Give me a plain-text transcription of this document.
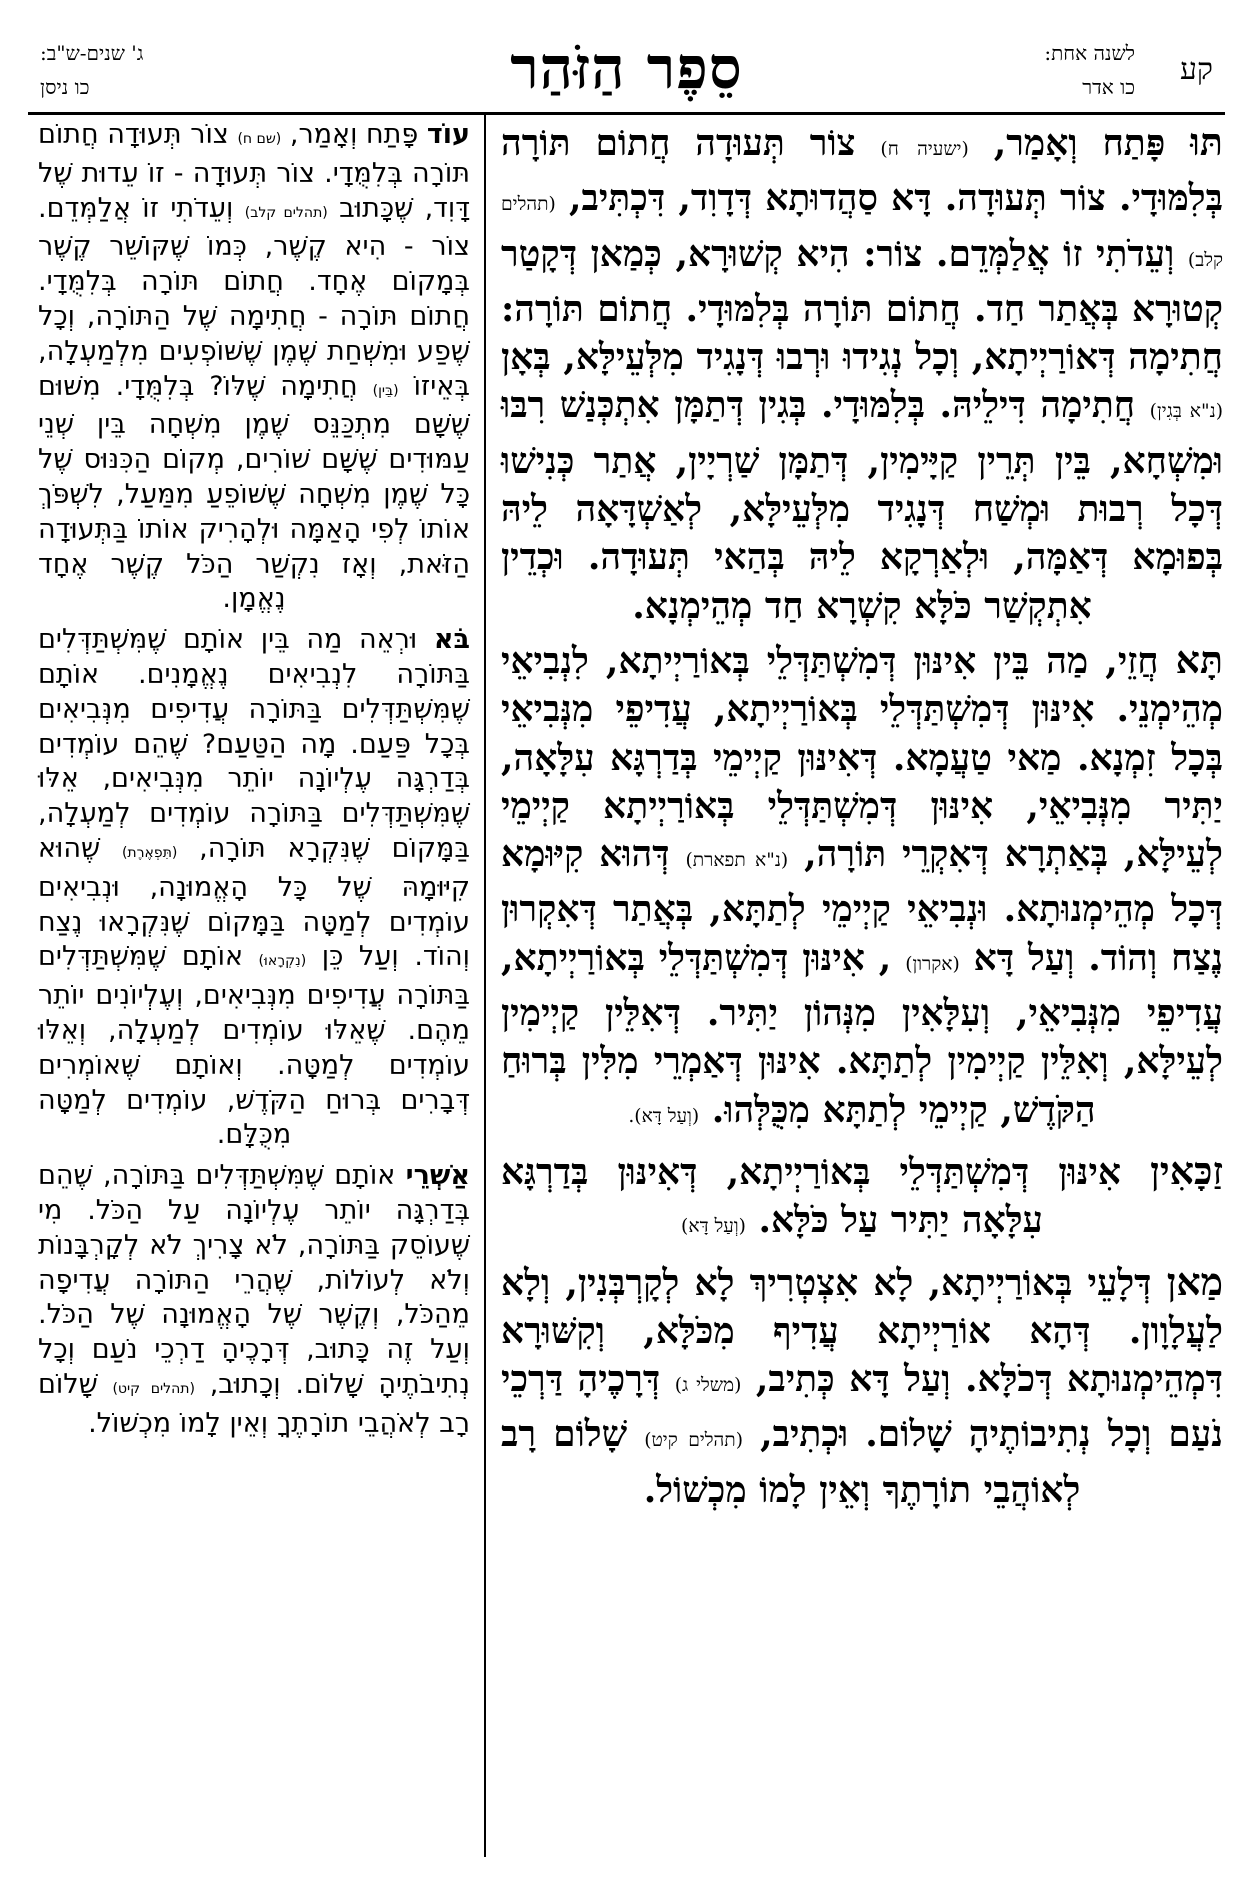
קע
לשנה אחת:
כו אדר
סֵפֶר הַזֹּהַר
ג' שנים-ש"ב:
כו ניסן

תּוּ פָּתַח וְאָמַר, (ישעיה ח) צוֹר תְּעוּדָה חֲתוֹם תּוֹרָה בְּלִמּוּדָי. צוֹר תְּעוּדָה. דָּא סַהֲדוּתָא דְּדָוִד, דִּכְתִּיב, (תהלים קלב) וְעֵדֹתִי זוֹ אֲלַמְּדֵם. צוֹר: הִיא קְשׁוּרָא, כְּמַאן דְּקָטַר קְטוּרָא בְּאֲתַר חַד. חֲתוֹם תּוֹרָה בְּלִמּוּדָי. חֲתוֹם תּוֹרָה: חֲתִימָה דְּאוֹרַיְיתָא, וְכָל נְגִידוּ וּרְבוּ דְּנָגִיד מִלְּעֵילָּא, בְּאָן (נ"א בְּגִין) חֲתִימָה דִּילֵיהּ. בְּלִמּוּדָי. בְּגִין דְּתַמָּן אִתְכְּנַשׁ רִבּוּ וּמִשְׁחָא, בֵּין תְּרֵין קַיָּימִין, דְּתַמָּן שַׁרְיָין, אֲתַר כְּנִישׁוּ דְּכָל רְבוּת וּמְשַׁח דְּנָגִיד מִלְּעֵילָּא, לְאַשְׁדָּאָה לֵיהּ בְּפוּמָא דְּאַמָּה, וּלְאַרְקָא לֵיהּ בְּהַאי תְּעוּדָה. וּכְדֵין אִתְקְשַׁר כֹּלָּא קִשְׁרָא חַד מְהֵימְנָא.

תָּא חֲזֵי, מַה בֵּין אִינּוּן דְּמִשְׁתַּדְּלֵי בְּאוֹרַיְיתָא, לִנְבִיאֵי מְהֵימְנֵי. אִינּוּן דְּמִשְׁתַּדְּלֵי בְּאוֹרַיְיתָא, עֲדִיפֵי מִנְּבִיאֵי בְּכָל זִמְנָא. מַאי טַעֲמָא. דְּאִינּוּן קַיְימֵי בְּדַרְגָּא עִלָּאָה, יַתִּיר מִנְּבִיאֵי, אִינּוּן דְּמִשְׁתַּדְּלֵי בְּאוֹרַיְיתָא קַיְימֵי לְעֵילָּא, בְּאַתְרָא דְּאִקְרֵי תּוֹרָה, (נ"א תפארת) דְּהוּא קִיּוּמָא דְּכָל מְהֵימְנוּתָא. וּנְבִיאֵי קַיְימֵי לְתַתָּא, בְּאֲתַר דְּאִקְרוּן נֶצַח וְהוֹד. וְעַל דָּא (אקרון) , אִינּוּן דְּמִשְׁתַּדְּלֵי בְּאוֹרַיְיתָא, עֲדִיפֵי מִנְּבִיאֵי, וְעִלָּאִין מִנְּהוֹן יַתִּיר. דְּאִלֵּין קַיְימִין לְעֵילָּא, וְאִלֵּין קַיְימִין לְתַתָּא. אִינּוּן דְּאַמְרֵי מִלִּין בְּרוּחַ הַקֹּדֶשׁ, קַיְימֵי לְתַתָּא מִכֻּלְּהוּ. (וְעַל דָּא).

זַכָּאִין אִינּוּן דְּמִשְׁתַּדְּלֵי בְּאוֹרַיְיתָא, דְּאִינּוּן בְּדַרְגָּא עִלָּאָה יַתִּיר עַל כֹּלָּא. (וְעַל דָּא)

מַאן דְּלָעֵי בְּאוֹרַיְיתָא, לָא אִצְטְרִיךְ לָא לְקָרְבְּנִין, וְלָא לַעֲלָוָון. דְּהָא אוֹרַיְיתָא עֲדִיף מִכֹּלָּא, וְקִשּׁוּרָא דִּמְהֵימְנוּתָא דְּכֹלָּא. וְעַל דָּא כְּתִיב, (משלי ג) דְּרָכֶיהָ דַּרְכֵי נֹעַם וְכָל נְתִיבוֹתֶיהָ שָׁלוֹם. וּכְתִיב, (תהלים קיט) שָׁלוֹם רָב לְאוֹהֲבֵי תוֹרָתֶךָ וְאֵין לָמוֹ מִכְשׁוֹל.

עוֹד פָּתַח וְאָמַר, (שם ח) צוֹר תְּעוּדָה חֲתוֹם תּוֹרָה בְּלִמֻּדָי. צוֹר תְּעוּדָה - זוֹ עֵדוּת שֶׁל דָּוִד, שֶׁכָּתוּב (תהלים קלב) וְעֵדֹתִי זוֹ אֲלַמְּדֵם. צוֹר - הִיא קֶשֶׁר, כְּמוֹ שֶׁקּוֹשֵׁר קֶשֶׁר בְּמָקוֹם אֶחָד. חֲתוֹם תּוֹרָה בְּלִמֻּדָי. חֲתוֹם תּוֹרָה - חֲתִימָה שֶׁל הַתּוֹרָה, וְכָל שֶׁפַע וּמִשְׁחַת שֶׁמֶן שֶׁשּׁוֹפְעִים מִלְמַעְלָה, בְּאֵיזוֹ (בֵּין) חֲתִימָה שֶׁלּוֹ? בְּלִמֻּדָי. מִשּׁוּם שֶׁשָּׁם מִתְכַּנֵּס שֶׁמֶן מִשְׁחָה בֵּין שְׁנֵי עַמּוּדִים שֶׁשָּׁם שׁוֹרִים, מְקוֹם הַכִּנּוּס שֶׁל כָּל שֶׁמֶן מִשְׁחָה שֶׁשּׁוֹפֵעַ מִמַּעַל, לִשְׁפֹּךְ אוֹתוֹ לְפִי הָאַמָּה וּלְהָרִיק אוֹתוֹ בַּתְּעוּדָה הַזֹּאת, וְאָז נִקְשַׁר הַכֹּל קֶשֶׁר אֶחָד נֶאֱמָן.

בֹּא וּרְאֵה מַה בֵּין אוֹתָם שֶׁמִּשְׁתַּדְּלִים בַּתּוֹרָה לִנְבִיאִים נֶאֱמָנִים. אוֹתָם שֶׁמִּשְׁתַּדְּלִים בַּתּוֹרָה עֲדִיפִים מִנְּבִיאִים בְּכָל פַּעַם. מָה הַטַּעַם? שֶׁהֵם עוֹמְדִים בְּדַרְגָּה עֶלְיוֹנָה יוֹתֵר מִנְּבִיאִים, אֵלּוּ שֶׁמִּשְׁתַּדְּלִים בַּתּוֹרָה עוֹמְדִים לְמַעְלָה, בַּמָּקוֹם שֶׁנִּקְרָא תּוֹרָה, (תִּפְאֶרֶת) שֶׁהוּא קִיּוּמָהּ שֶׁל כָּל הָאֱמוּנָה, וּנְבִיאִים עוֹמְדִים לְמַטָּה בַּמָּקוֹם שֶׁנִּקְרָאוּ נֶצַח וְהוֹד. וְעַל כֵּן (נִקְרָאוּ) אוֹתָם שֶׁמִּשְׁתַּדְּלִים בַּתּוֹרָה עֲדִיפִים מִנְּבִיאִים, וְעֶלְיוֹנִים יוֹתֵר מֵהֶם. שֶׁאֵלּוּ עוֹמְדִים לְמַעְלָה, וְאֵלּוּ עוֹמְדִים לְמַטָּה. וְאוֹתָם שֶׁאוֹמְרִים דְּבָרִים בְּרוּחַ הַקֹּדֶשׁ, עוֹמְדִים לְמַטָּה מִכֻּלָּם.

אַשְׁרֵי אוֹתָם שֶׁמִּשְׁתַּדְּלִים בַּתּוֹרָה, שֶׁהֵם בְּדַרְגָּה יוֹתֵר עֶלְיוֹנָה עַל הַכֹּל. מִי שֶׁעוֹסֵק בַּתּוֹרָה, לֹא צָרִיךְ לֹא לְקָרְבָּנוֹת וְלֹא לְעוֹלוֹת, שֶׁהֲרֵי הַתּוֹרָה עֲדִיפָה מֵהַכֹּל, וְקֶשֶׁר שֶׁל הָאֱמוּנָה שֶׁל הַכֹּל. וְעַל זֶה כָּתוּב, דְּרָכֶיהָ דַרְכֵי נֹעַם וְכָל נְתִיבֹתֶיהָ שָׁלוֹם. וְכָתוּב, (תהלים קיט) שָׁלוֹם רָב לְאֹהֲבֵי תוֹרָתֶךָ וְאֵין לָמוֹ מִכְשׁוֹל.
